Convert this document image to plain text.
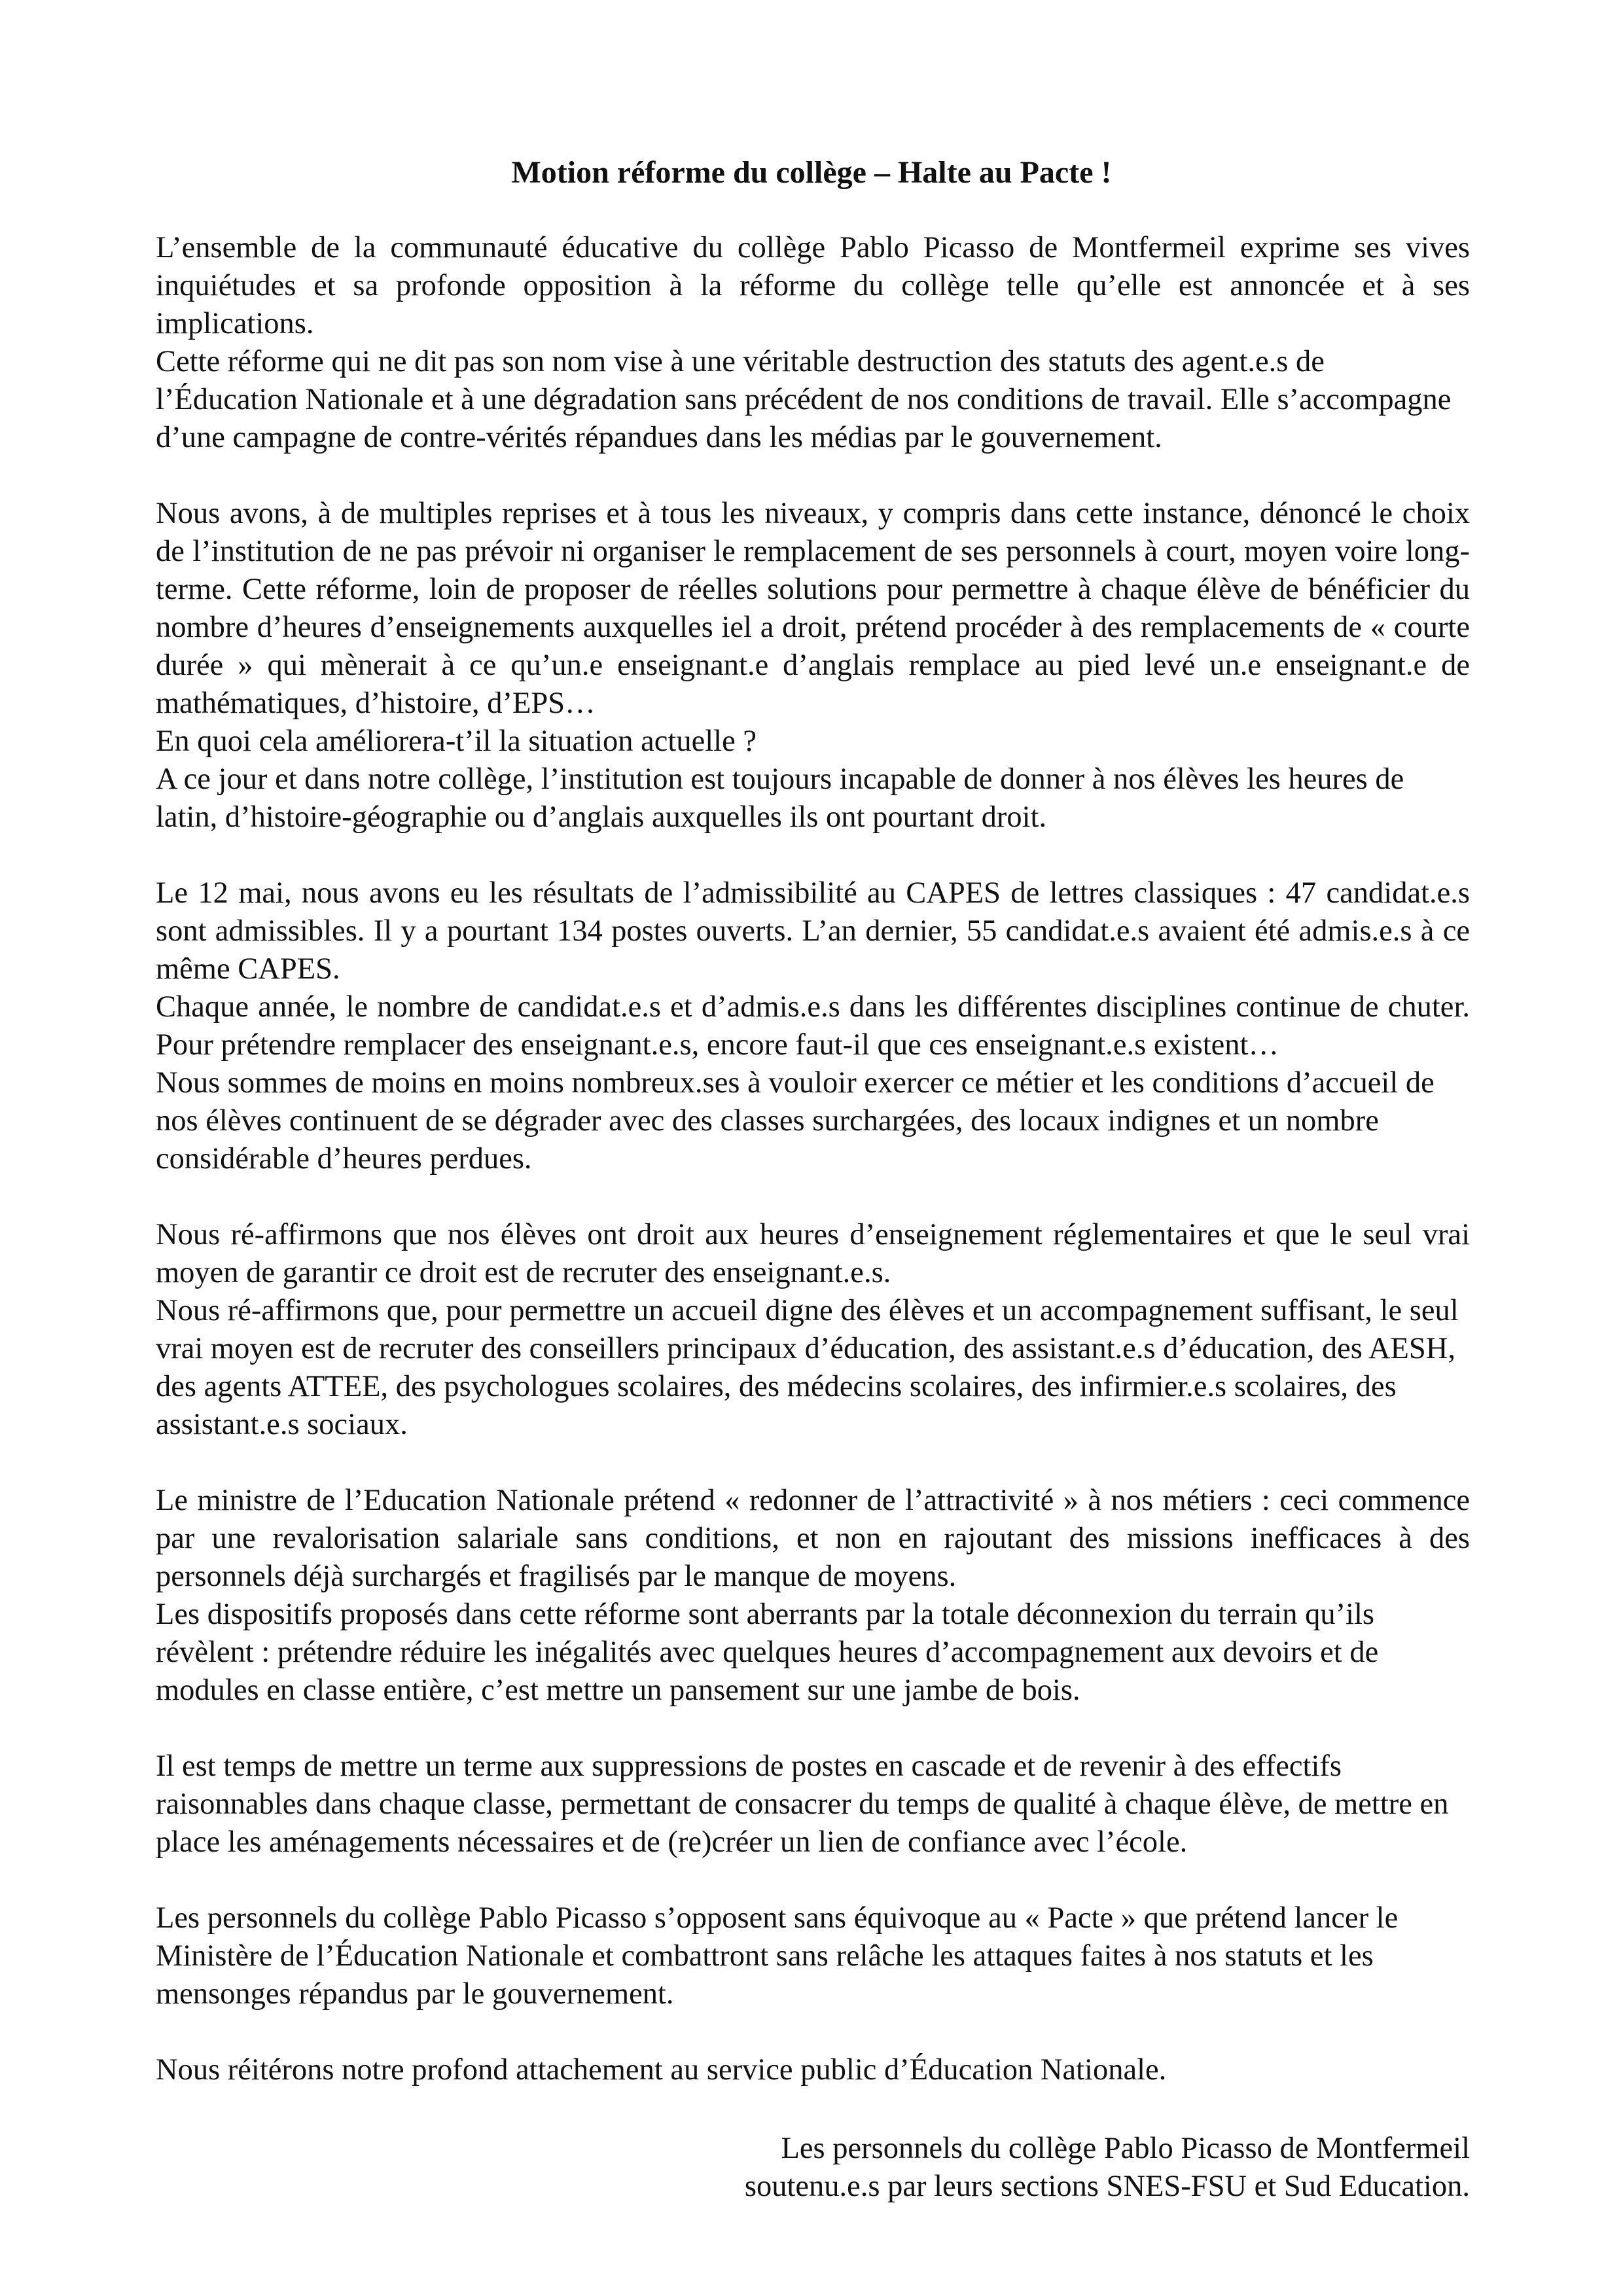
Motion réforme du collège – Halte au Pacte !
L’ensemble de la communauté éducative du collège Pablo Picasso de Montfermeil exprime ses vives inquiétudes et sa profonde opposition à la réforme du collège telle qu’elle est annoncée et à ses implications.
Cette réforme qui ne dit pas son nom vise à une véritable destruction des statuts des agent.e.s de l’Éducation Nationale et à une dégradation sans précédent de nos conditions de travail. Elle s’accompagne d’une campagne de contre-vérités répandues dans les médias par le gouvernement.
Nous avons, à de multiples reprises et à tous les niveaux, y compris dans cette instance, dénoncé le choix de l’institution de ne pas prévoir ni organiser le remplacement de ses personnels à court, moyen voire long-terme. Cette réforme, loin de proposer de réelles solutions pour permettre à chaque élève de bénéficier du nombre d’heures d’enseignements auxquelles iel a droit, prétend procéder à des remplacements de « courte durée » qui mènerait à ce qu’un.e enseignant.e d’anglais remplace au pied levé un.e enseignant.e de mathématiques, d’histoire, d’EPS…
En quoi cela améliorera-t’il la situation actuelle ?
A ce jour et dans notre collège, l’institution est toujours incapable de donner à nos élèves les heures de latin, d’histoire-géographie ou d’anglais auxquelles ils ont pourtant droit.
Le 12 mai, nous avons eu les résultats de l’admissibilité au CAPES de lettres classiques : 47 candidat.e.s sont admissibles. Il y a pourtant 134 postes ouverts. L’an dernier, 55 candidat.e.s avaient été admis.e.s à ce même CAPES.
Chaque année, le nombre de candidat.e.s et d’admis.e.s dans les différentes disciplines continue de chuter. Pour prétendre remplacer des enseignant.e.s, encore faut-il que ces enseignant.e.s existent…
Nous sommes de moins en moins nombreux.ses à vouloir exercer ce métier et les conditions d’accueil de nos élèves continuent de se dégrader avec des classes surchargées, des locaux indignes et un nombre considérable d’heures perdues.
Nous ré-affirmons que nos élèves ont droit aux heures d’enseignement réglementaires et que le seul vrai moyen de garantir ce droit est de recruter des enseignant.e.s.
Nous ré-affirmons que, pour permettre un accueil digne des élèves et un accompagnement suffisant, le seul vrai moyen est de recruter des conseillers principaux d’éducation, des assistant.e.s d’éducation, des AESH, des agents ATTEE, des psychologues scolaires, des médecins scolaires, des infirmier.e.s scolaires, des assistant.e.s sociaux.
Le ministre de l’Education Nationale prétend « redonner de l’attractivité » à nos métiers : ceci commence par une revalorisation salariale sans conditions, et non en rajoutant des missions inefficaces à des personnels déjà surchargés et fragilisés par le manque de moyens.
Les dispositifs proposés dans cette réforme sont aberrants par la totale déconnexion du terrain qu’ils révèlent : prétendre réduire les inégalités avec quelques heures d’accompagnement aux devoirs et de modules en classe entière, c’est mettre un pansement sur une jambe de bois.
Il est temps de mettre un terme aux suppressions de postes en cascade et de revenir à des effectifs raisonnables dans chaque classe, permettant de consacrer du temps de qualité à chaque élève, de mettre en place les aménagements nécessaires et de (re)créer un lien de confiance avec l’école.
Les personnels du collège Pablo Picasso s’opposent sans équivoque au « Pacte » que prétend lancer le Ministère de l’Éducation Nationale et combattront sans relâche les attaques faites à nos statuts et les mensonges répandus par le gouvernement.
Nous réitérons notre profond attachement au service public d’Éducation Nationale.
Les personnels du collège Pablo Picasso de Montfermeil
soutenu.e.s par leurs sections SNES-FSU et Sud Education.
